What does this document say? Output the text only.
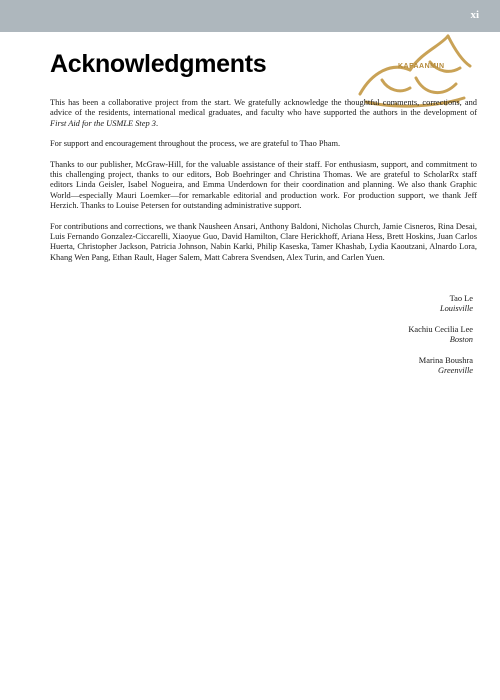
xi
KAFAANMIN
Acknowledgments

This has been a collaborative project from the start. We gratefully acknowledge the thoughtful comments, corrections, and advice of the residents, international medical graduates, and faculty who have supported the authors in the development of First Aid for the USMLE Step 3.

For support and encouragement throughout the process, we are grateful to Thao Pham.

Thanks to our publisher, McGraw-Hill, for the valuable assistance of their staff. For enthusiasm, support, and commitment to this challenging project, thanks to our editors, Bob Boehringer and Christina Thomas. We are grateful to ScholarRx staff editors Linda Geisler, Isabel Nogueira, and Emma Underdown for their coordination and planning. We also thank Graphic World—especially Mauri Loemker—for remarkable editorial and production work. For production support, we thank Jeff Herzich. Thanks to Louise Petersen for outstanding administrative support.

For contributions and corrections, we thank Nausheen Ansari, Anthony Baldoni, Nicholas Church, Jamie Cisneros, Rina Desai, Luis Fernando Gonzalez-Ciccarelli, Xiaoyue Guo, David Hamilton, Clare Herickhoff, Ariana Hess, Brett Hoskins, Juan Carlos Huerta, Christopher Jackson, Patricia Johnson, Nabin Karki, Philip Kaseska, Tamer Khashab, Lydia Kaoutzani, Alnardo Lora, Khang Wen Pang, Ethan Rault, Hager Salem, Matt Cabrera Svendsen, Alex Turin, and Carlen Yuen.

Tao Le
Louisville
Kachiu Cecilia Lee
Boston
Marina Boushra
Greenville
